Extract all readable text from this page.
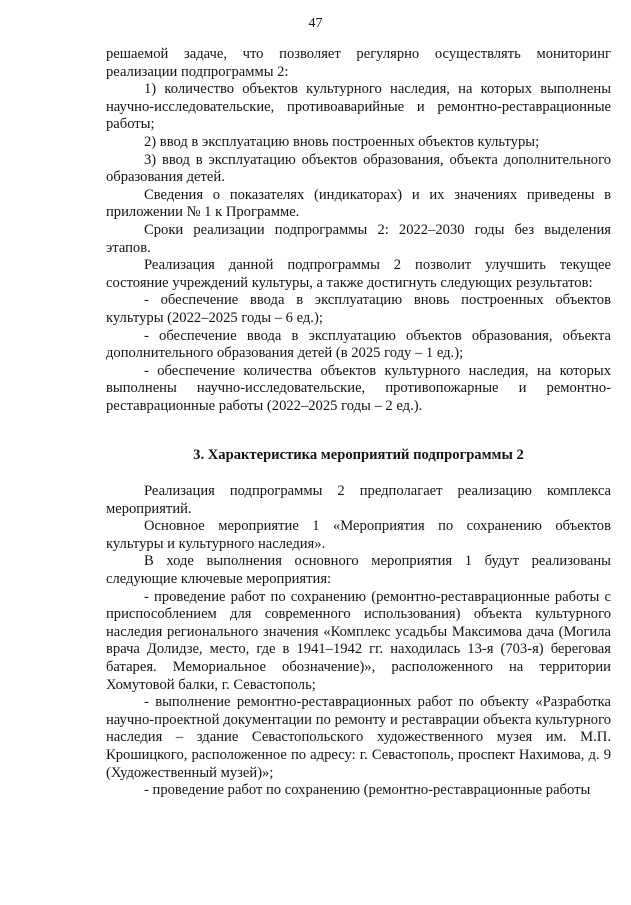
47

решаемой задаче, что позволяет регулярно осуществлять мониторинг реализации подпрограммы 2:

1) количество объектов культурного наследия, на которых выполнены научно-исследовательские, противоаварийные и ремонтно-реставрационные работы;

2) ввод в эксплуатацию вновь построенных объектов культуры;

3) ввод в эксплуатацию объектов образования, объекта дополнительного образования детей.

Сведения о показателях (индикаторах) и их значениях приведены в приложении № 1 к Программе.

Сроки реализации подпрограммы 2: 2022–2030 годы без выделения этапов.

Реализация данной подпрограммы 2 позволит улучшить текущее состояние учреждений культуры, а также достигнуть следующих результатов:

- обеспечение ввода в эксплуатацию вновь построенных объектов культуры (2022–2025 годы – 6 ед.);

- обеспечение ввода в эксплуатацию объектов образования, объекта дополнительного образования детей (в 2025 году – 1 ед.);

- обеспечение количества объектов культурного наследия, на которых выполнены научно-исследовательские, противопожарные и ремонтно-реставрационные работы (2022–2025 годы – 2 ед.).

3. Характеристика мероприятий подпрограммы 2

Реализация подпрограммы 2 предполагает реализацию комплекса мероприятий.

Основное мероприятие 1 «Мероприятия по сохранению объектов культуры и культурного наследия».

В ходе выполнения основного мероприятия 1 будут реализованы следующие ключевые мероприятия:

- проведение работ по сохранению (ремонтно-реставрационные работы с приспособлением для современного использования) объекта культурного наследия регионального значения «Комплекс усадьбы Максимова дача (Могила врача Долидзе, место, где в 1941–1942 гг. находилась 13-я (703-я) береговая батарея. Мемориальное обозначение)», расположенного на территории Хомутовой балки, г. Севастополь;

- выполнение ремонтно-реставрационных работ по объекту «Разработка научно-проектной документации по ремонту и реставрации объекта культурного наследия – здание Севастопольского художественного музея им. М.П. Крошицкого, расположенное по адресу: г. Севастополь, проспект Нахимова, д. 9 (Художественный музей)»;

- проведение работ по сохранению (ремонтно-реставрационные работы
